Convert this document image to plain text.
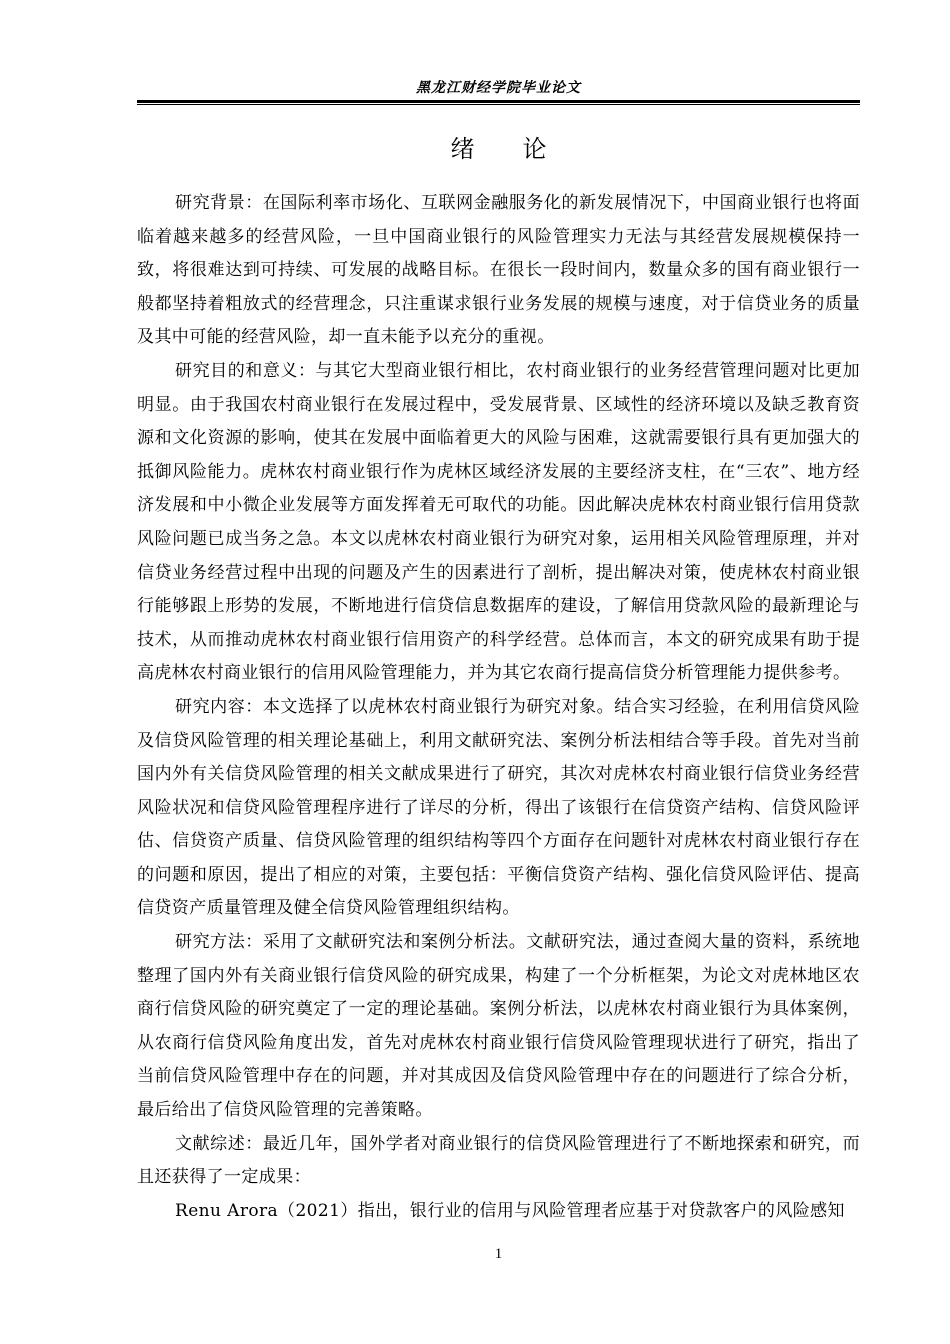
黑龙江财经学院毕业论文
绪论

研究背景：在国际利率市场化、互联网金融服务化的新发展情况下，中国商业银行也将面临着越来越多的经营风险，一旦中国商业银行的风险管理实力无法与其经营发展规模保持一致，将很难达到可持续、可发展的战略目标。在很长一段时间内，数量众多的国有商业银行一般都坚持着粗放式的经营理念，只注重谋求银行业务发展的规模与速度，对于信贷业务的质量及其中可能的经营风险，却一直未能予以充分的重视。

研究目的和意义：与其它大型商业银行相比，农村商业银行的业务经营管理问题对比更加明显。由于我国农村商业银行在发展过程中，受发展背景、区域性的经济环境以及缺乏教育资源和文化资源的影响，使其在发展中面临着更大的风险与困难，这就需要银行具有更加强大的抵御风险能力。虎林农村商业银行作为虎林区域经济发展的主要经济支柱，在“三农”、地方经济发展和中小微企业发展等方面发挥着无可取代的功能。因此解决虎林农村商业银行信用贷款风险问题已成当务之急。本文以虎林农村商业银行为研究对象，运用相关风险管理原理，并对信贷业务经营过程中出现的问题及产生的因素进行了剖析，提出解决对策，使虎林农村商业银行能够跟上形势的发展，不断地进行信贷信息数据库的建设，了解信用贷款风险的最新理论与技术，从而推动虎林农村商业银行信用资产的科学经营。总体而言，本文的研究成果有助于提高虎林农村商业银行的信用风险管理能力，并为其它农商行提高信贷分析管理能力提供参考。

研究内容：本文选择了以虎林农村商业银行为研究对象。结合实习经验，在利用信贷风险及信贷风险管理的相关理论基础上，利用文献研究法、案例分析法相结合等手段。首先对当前国内外有关信贷风险管理的相关文献成果进行了研究，其次对虎林农村商业银行信贷业务经营风险状况和信贷风险管理程序进行了详尽的分析，得出了该银行在信贷资产结构、信贷风险评估、信贷资产质量、信贷风险管理的组织结构等四个方面存在问题针对虎林农村商业银行存在的问题和原因，提出了相应的对策，主要包括：平衡信贷资产结构、强化信贷风险评估、提高信贷资产质量管理及健全信贷风险管理组织结构。

研究方法：采用了文献研究法和案例分析法。文献研究法，通过查阅大量的资料，系统地整理了国内外有关商业银行信贷风险的研究成果，构建了一个分析框架，为论文对虎林地区农商行信贷风险的研究奠定了一定的理论基础。案例分析法，以虎林农村商业银行为具体案例，从农商行信贷风险角度出发，首先对虎林农村商业银行信贷风险管理现状进行了研究，指出了当前信贷风险管理中存在的问题，并对其成因及信贷风险管理中存在的问题进行了综合分析，最后给出了信贷风险管理的完善策略。

文献综述：最近几年，国外学者对商业银行的信贷风险管理进行了不断地探索和研究，而且还获得了一定成果：

Renu Arora（2021）指出，银行业的信用与风险管理者应基于对贷款客户的风险感知

1
